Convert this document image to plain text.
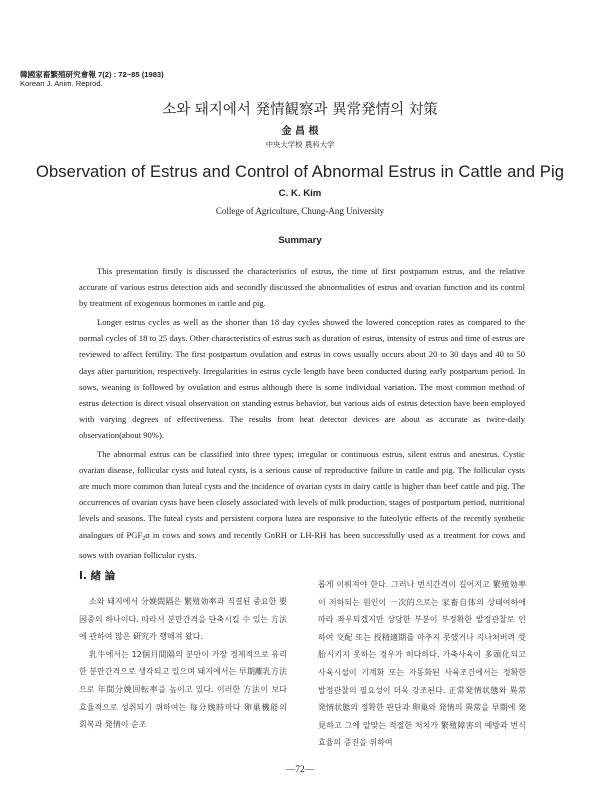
韓國家畜繁殖研究會報 7(2) : 72~85 (1983)
Korean J. Anim. Reprod.
소와 돼지에서 発情観察과 異常発情의 対策
金 昌 根
中央大学校 農科大学
Observation of Estrus and Control of Abnormal Estrus in Cattle and Pig
C. K. Kim
College of Agriculture, Chung-Ang University
Summary

This presentation firstly is discussed the characteristics of estrus, the time of first postpartum estrus, and the relative accurate of various estrus detection aids and secondly discussed the abnormalities of estrus and ovarian function and its control by treatment of exogenous hormones in cattle and pig.

Longer estrus cycles as well as the shorter than 18 day cycles showed the lowered conception rates as compared to the normal cycles of 18 to 25 days. Other characteristics of estrus such as duration of estrus, intensity of estrus and time of estrus are reviewed to affect fertility. The first postpartum ovulation and estrus in cows usually occurs about 20 to 30 days and 40 to 50 days after parturition, respectively. Irregularities in estrus cycle length have been conducted during early postpartum period. In sows, weaning is followed by ovulation and estrus although there is some individual variation. The most common method of estrus detection is direct visual observation on standing estrus behavior, but various aids of estrus detection have been employed with varying degrees of effectiveness. The results from heat detector devices are about as accurate as twice-daily observation(about 90%).

The abnormal estrus can be classified into three types; irregular or continuous estrus, silent estrus and anestrus. Cystic ovarian disease, follicular cysts and luteal cysts, is a serious cause of reproductive failure in cattle and pig. The follicular cysts are much more common than luteal cysts and the incidence of ovarian cysts in dairy cattle is higher than beef cattle and pig. The occurrences of ovarian cysts have been closely associated with levels of milk production, stages of postpartum period, nutritional levels and seasons. The luteal cysts and persistent corpora lutea are responsive to the luteolytic effects of the recently synthetic analogues of $PGF_2\alpha$ in cows and sows and recently GnRH or LH-RH has been successfully used as a treatment for cows and sows with ovarian follicular cysts.

I. 緖 論

소와 돼지에서 分娩間隔은 繁殖効率과 직결된 중요한 要因중의 하나이다. 따라서 분만간격을 단축시킬 수 있는 方法에 관하여 많은 硏究가 행해져 왔다.

乳牛에서는 12個月間隔의 분만이 가장 경제적으로 유리한 분만간격으로 생각되고 있으며 돼지에서는 早期離乳方法으로 年間分娩回転率을 높이고 있다. 이러한 方法이 보다 효율적으로 성취되기 위하여는 每分娩時마다 卵巢機能의 회복과 発情이 순조

롭게 이뤄져야 한다. 그러나 번식간격이 길어지고 繁殖効率이 저하되는 원인이 一次的으로는 家畜自体의 상태여하에 따라 좌우되겠지만 상당한 부분이 부정확한 발정관찰로 인하여 交配 또는 授精適期를 마추지 못했거나 지나쳐버려 受胎시키지 못하는 경우가 허다하다. 가축사육이 多頭化되고 사육시설이 기계화 또는 자동화된 사육조건에서는 정확한 발정관찰의 필요성이 더욱 강조된다. 正常発情状態와 異常発情状態의 정확한 판단과 卵巢와 発情의 異常을 早期에 発見하고 그에 알맞는 적절한 처치가 繁殖障害의 예방과 번식효율의 증진을 위하여

—72—
